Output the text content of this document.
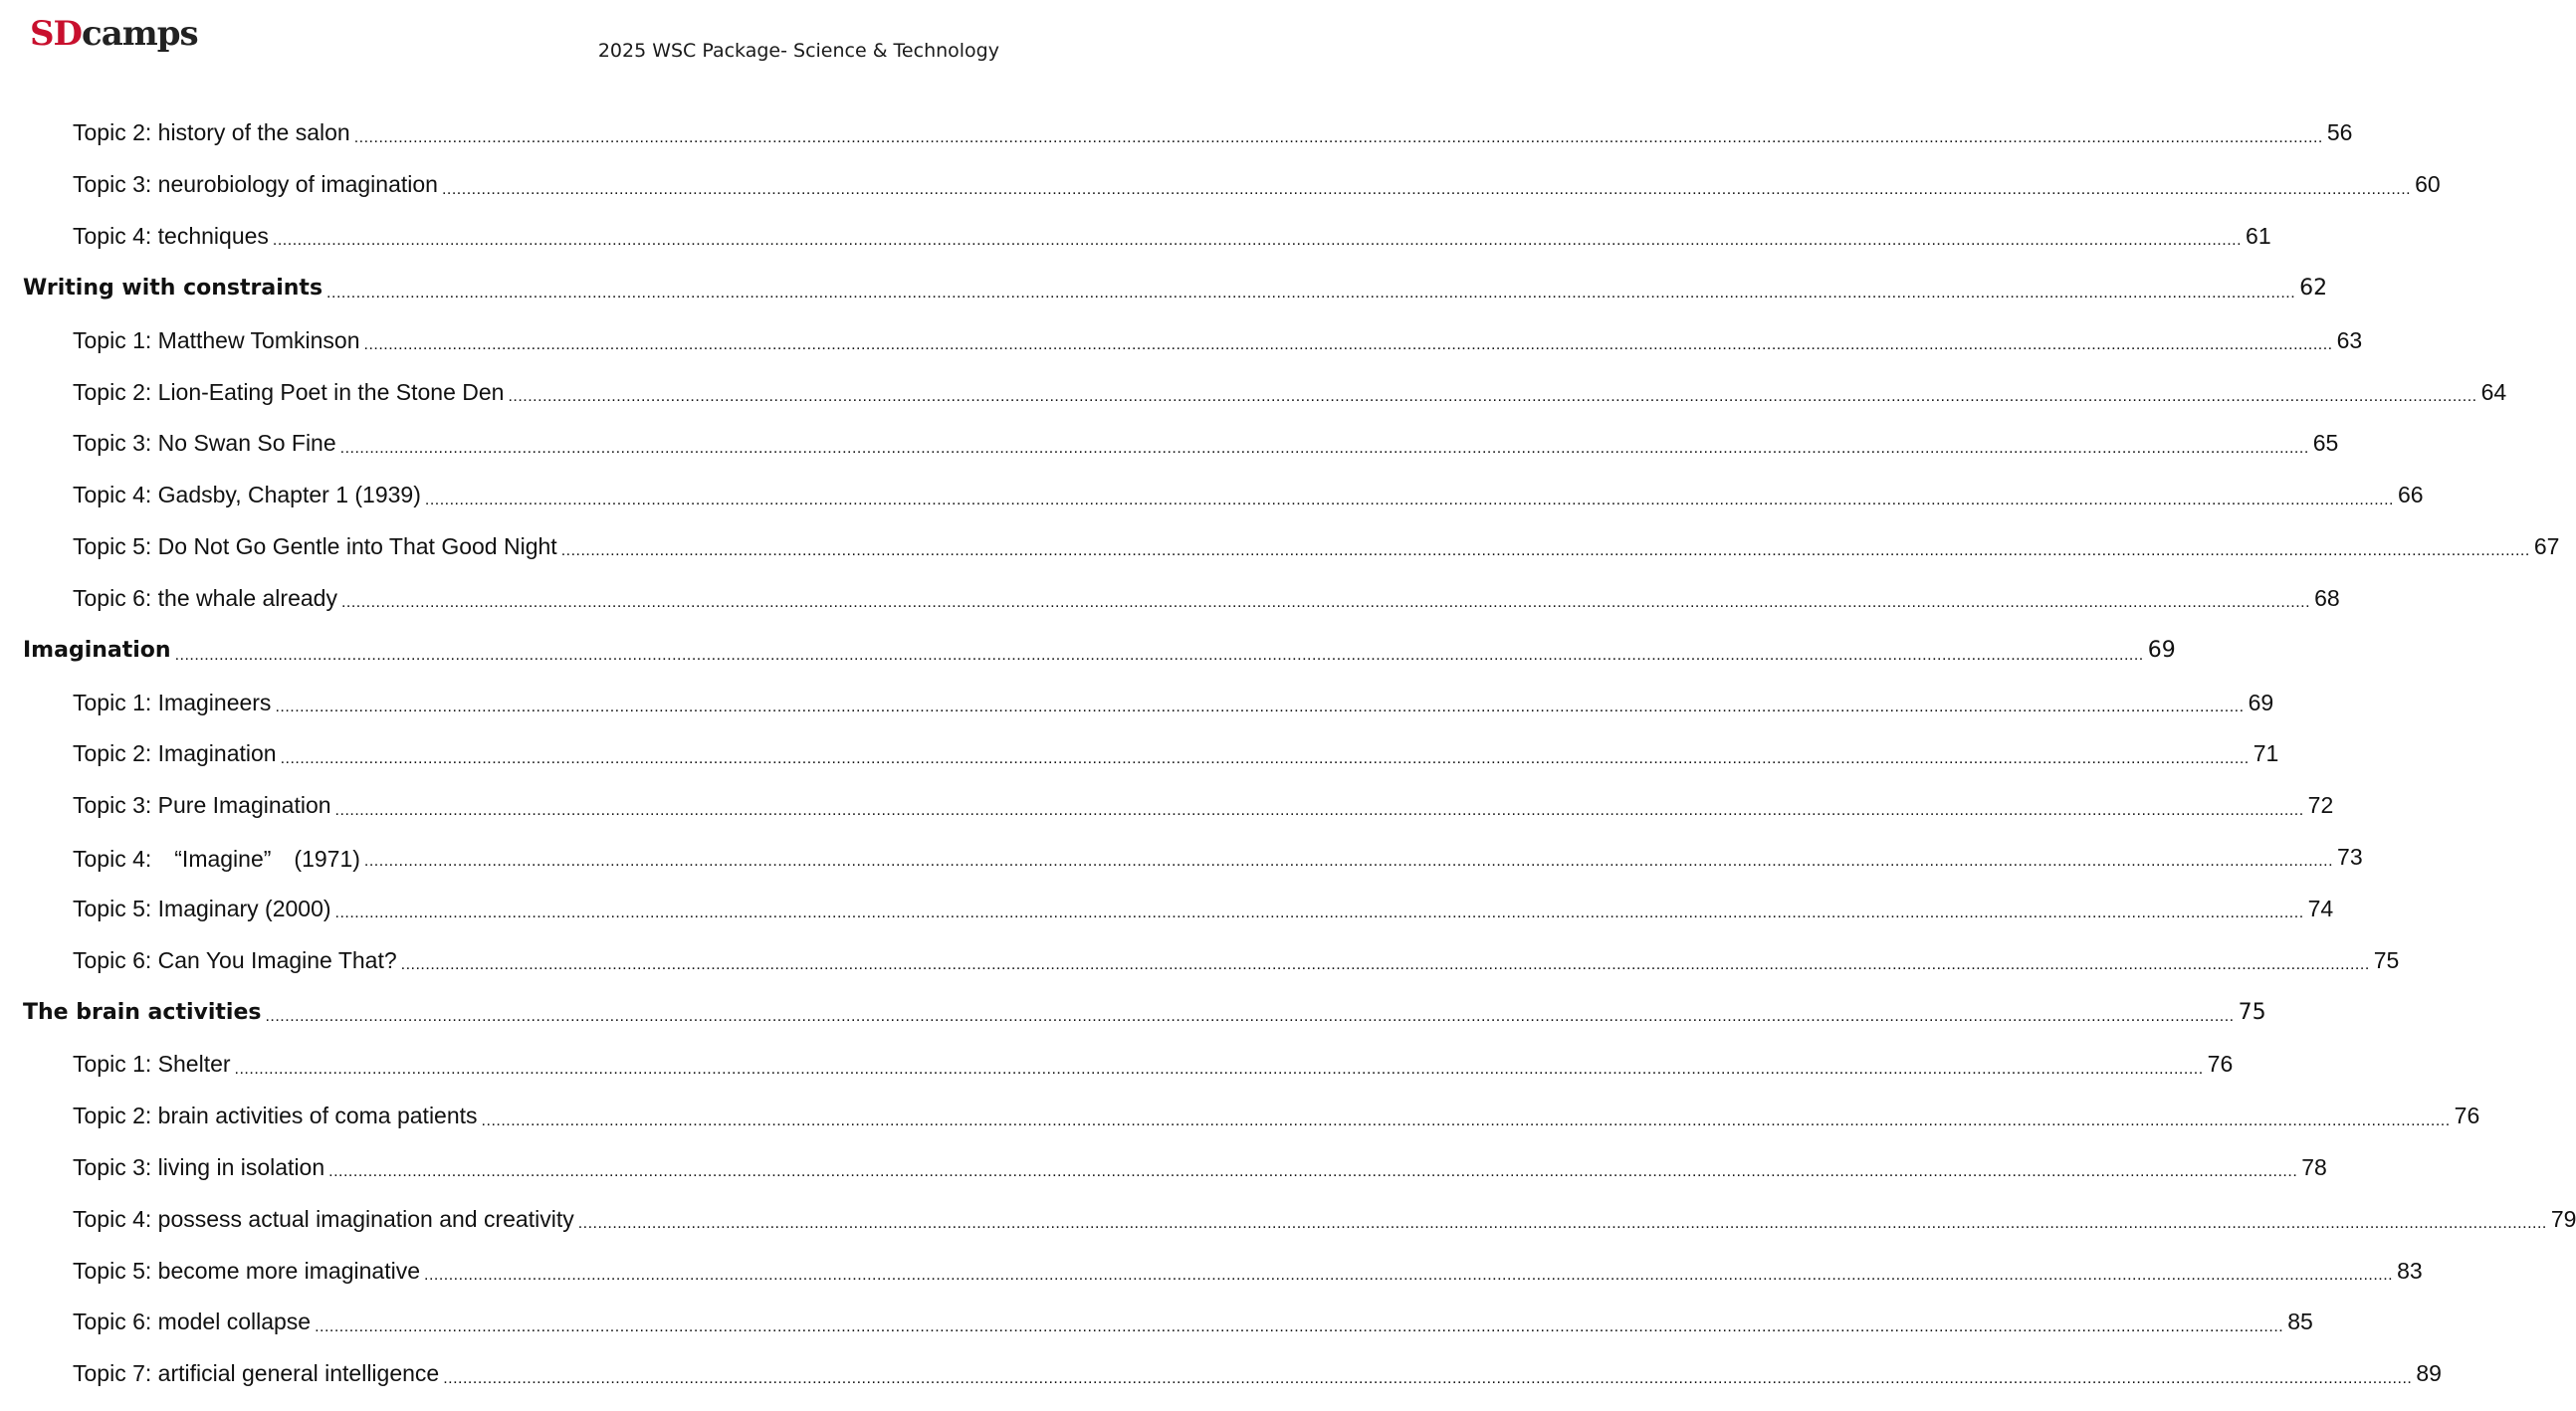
SD camps	2025 WSC Package- Science & Technology
Topic 2: history of the salon ................................................................................................................................................................................................................................................................................................................................................................................................................ 56
Topic 3: neurobiology of imagination ................................................................................................................................................................................................................................................................................................................................................................................................................ 60
Topic 4: techniques ................................................................................................................................................................................................................................................................................................................................................................................................................ 61
Writing with constraints ................................................................................................................................................................................................................................................................................................................................................................................................................ 62
Topic 1: Matthew Tomkinson ................................................................................................................................................................................................................................................................................................................................................................................................................ 63
Topic 2: Lion-Eating Poet in the Stone Den ................................................................................................................................................................................................................................................................................................................................................................................................................ 64
Topic 3: No Swan So Fine ................................................................................................................................................................................................................................................................................................................................................................................................................ 65
Topic 4: Gadsby, Chapter 1 (1939) ................................................................................................................................................................................................................................................................................................................................................................................................................ 66
Topic 5: Do Not Go Gentle into That Good Night ................................................................................................................................................................................................................................................................................................................................................................................................................ 67
Topic 6: the whale already ................................................................................................................................................................................................................................................................................................................................................................................................................ 68
Imagination ................................................................................................................................................................................................................................................................................................................................................................................................................ 69
Topic 1: Imagineers ................................................................................................................................................................................................................................................................................................................................................................................................................ 69
Topic 2: Imagination ................................................................................................................................................................................................................................................................................................................................................................................................................ 71
Topic 3: Pure Imagination ................................................................................................................................................................................................................................................................................................................................................................................................................ 72
Topic 4:　“Imagine”　(1971) ................................................................................................................................................................................................................................................................................................................................................................................................................ 73
Topic 5: Imaginary (2000) ................................................................................................................................................................................................................................................................................................................................................................................................................ 74
Topic 6: Can You Imagine That? ................................................................................................................................................................................................................................................................................................................................................................................................................ 75
The brain activities ................................................................................................................................................................................................................................................................................................................................................................................................................ 75
Topic 1: Shelter ................................................................................................................................................................................................................................................................................................................................................................................................................ 76
Topic 2: brain activities of coma patients ................................................................................................................................................................................................................................................................................................................................................................................................................ 76
Topic 3: living in isolation ................................................................................................................................................................................................................................................................................................................................................................................................................ 78
Topic 4: possess actual imagination and creativity ................................................................................................................................................................................................................................................................................................................................................................................................................ 79
Topic 5: become more imaginative ................................................................................................................................................................................................................................................................................................................................................................................................................ 83
Topic 6: model collapse ................................................................................................................................................................................................................................................................................................................................................................................................................ 85
Topic 7: artificial general intelligence ................................................................................................................................................................................................................................................................................................................................................................................................................ 89
